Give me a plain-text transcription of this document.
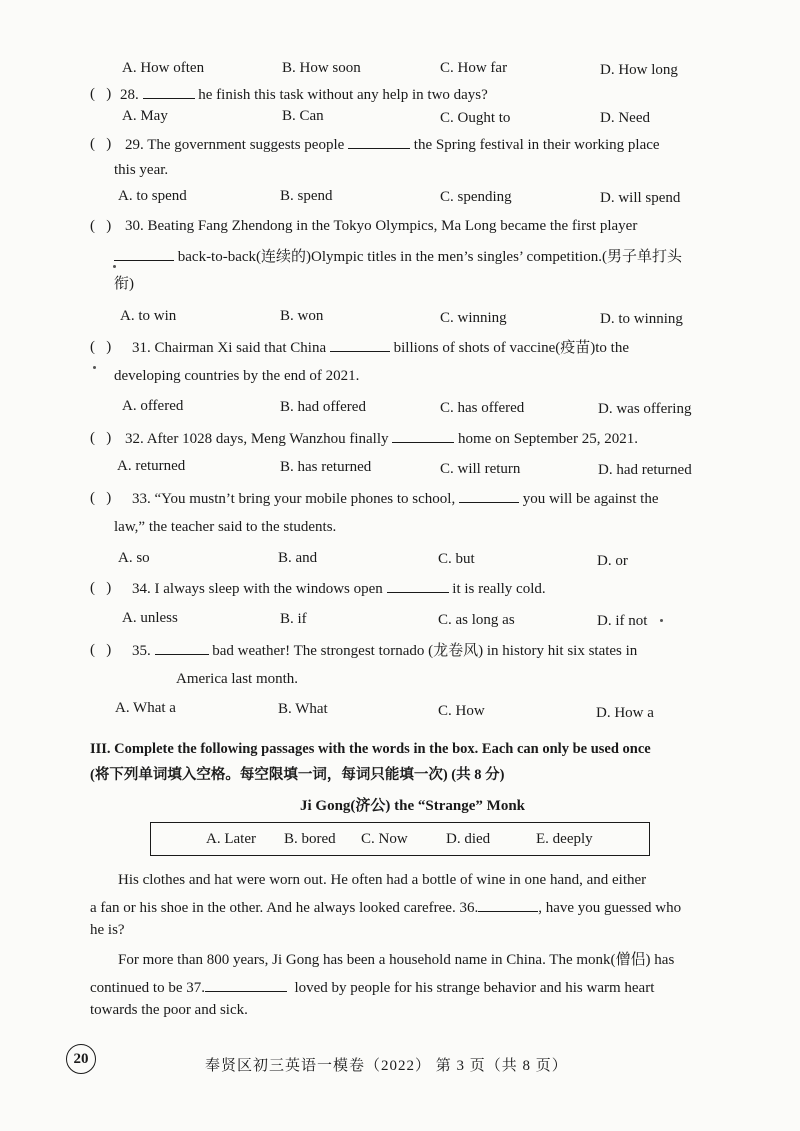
A. How often	B. How soon	C. How far	D. How long
(   ) 28.	he finish this task without any help in two days?
A. May	B. Can	C. Ought to	D. Need
(   ) 29. The government suggests people	the Spring festival in their working place
this year.
A. to spend	B. spend	C. spending	D. will spend
(   ) 30. Beating Fang Zhendong in the Tokyo Olympics, Ma Long became the first player
back-to-back(连续的)Olympic titles in the men’s singles’ competition.(男子单打头
衔)
A. to win	B. won	C. winning	D. to winning
(   ) 31. Chairman Xi said that China	billions of shots of vaccine(疫苗)to the
developing countries by the end of 2021.
A. offered	B. had offered	C. has offered	D. was offering
(   ) 32. After 1028 days, Meng Wanzhou finally	home on September 25, 2021.
A. returned	B. has returned	C. will return	D. had returned
(   ) 33. “You mustn’t bring your mobile phones to school,	you will be against the
law,” the teacher said to the students.
A. so	B. and	C. but	D. or
(   ) 34. I always sleep with the windows open	it is really cold.
A. unless	B. if	C. as long as	D. if not
(   ) 35.	bad weather! The strongest tornado (龙卷风) in history hit six states in
America last month.
A. What a	B. What	C. How	D. How a
III. Complete the following passages with the words in the box. Each can only be used once
(将下列单词填入空格。每空限填一词，每词只能填一次) (共 8 分)
Ji Gong(济公) the “Strange” Monk
A. Later B. bored C. Now	D. died	E. deeply
His clothes and hat were worn out. He often had a bottle of wine in one hand, and either
a fan or his shoe in the other. And he always looked carefree. 36.	, have you guessed who
he is?
For more than 800 years, Ji Gong has been a household name in China. The monk(僧侣) has
continued to be 37.	loved by people for his strange behavior and his warm heart
towards the poor and sick.
20	奉贤区初三英语一模卷（2022） 第 3 页（共 8 页）
